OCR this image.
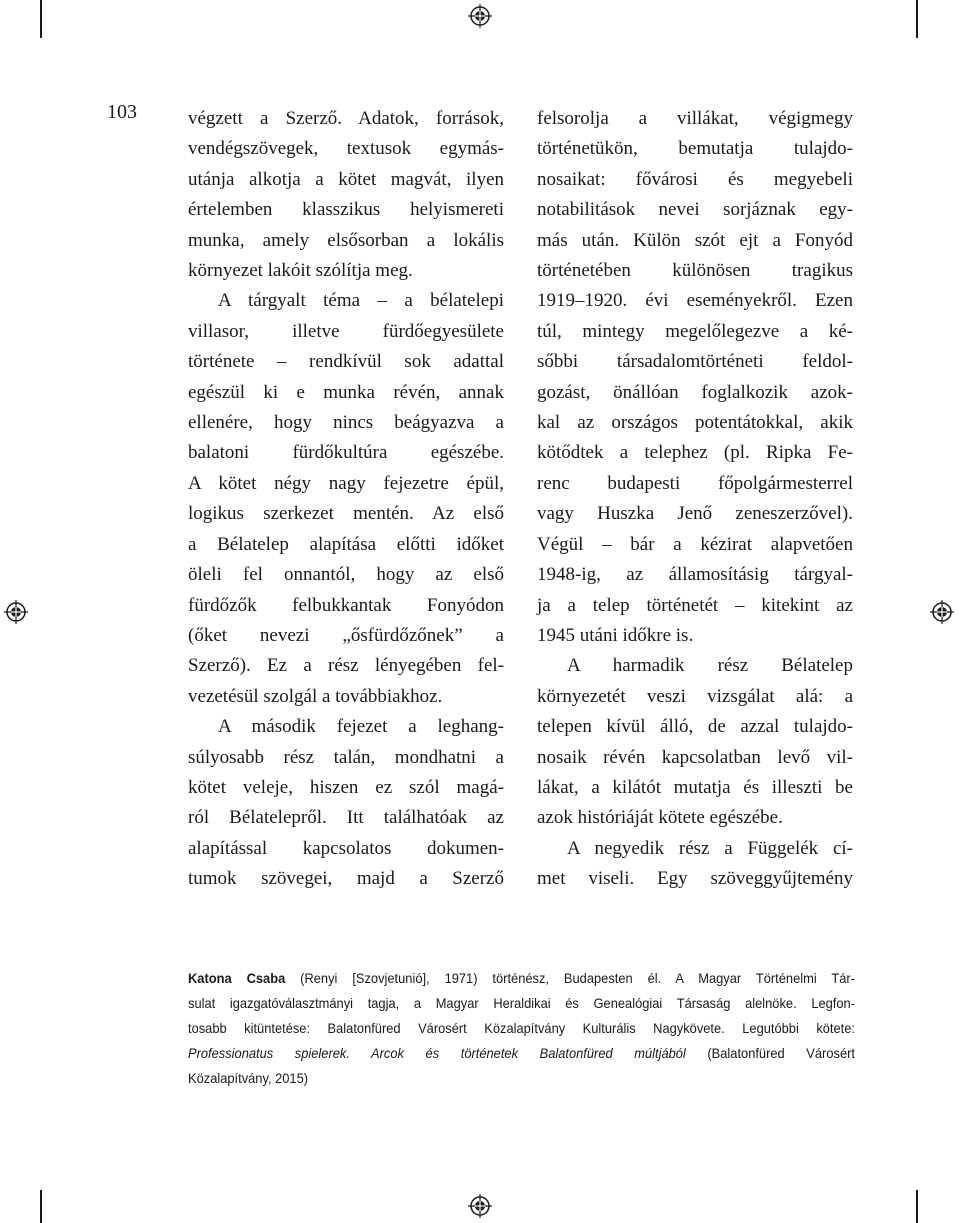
103	végzett a Szerző. Adatok, források,
vendégszövegek, textusok egymás-
utánja alkotja a kötet magvát, ilyen
értelemben klasszikus helyismereti
munka, amely elsősorban a lokális
környezet lakóit szólítja meg.
A tárgyalt téma – a bélatelepi
villasor, illetve fürdőegyesülete
története – rendkívül sok adattal
egészül ki e munka révén, annak
ellenére, hogy nincs beágyazva a
balatoni fürdőkultúra egészébe.
A kötet négy nagy fejezetre épül,
logikus szerkezet mentén. Az első
a Bélatelep alapítása előtti időket
öleli fel onnantól, hogy az első
fürdőzők felbukkantak Fonyódon
(őket nevezi „ősfürdőzőnek” a
Szerző). Ez a rész lényegében fel-
vezetésül szolgál a továbbiakhoz.
A második fejezet a leghang-
súlyosabb rész talán, mondhatni a
kötet veleje, hiszen ez szól magá-
ról Bélatelepről. Itt találhatóak az
alapítással kapcsolatos dokumen-
tumok szövegei, majd a Szerző
felsorolja a villákat, végigmegy
történetükön, bemutatja tulajdo-
nosaikat: fővárosi és megyebeli
notabilitások nevei sorjáznak egy-
más után. Külön szót ejt a Fonyód
történetében különösen tragikus
1919–1920. évi eseményekről. Ezen
túl, mintegy megelőlegezve a ké-
sőbbi társadalomtörténeti feldol-
gozást, önállóan foglalkozik azok-
kal az országos potentátokkal, akik
kötődtek a telephez (pl. Ripka Fe-
renc budapesti főpolgármesterrel
vagy Huszka Jenő zeneszerzővel).
Végül – bár a kézirat alapvetően
1948-ig, az államosításig tárgyal-
ja a telep történetét – kitekint az
1945 utáni időkre is.
A harmadik rész Bélatelep
környezetét veszi vizsgálat alá: a
telepen kívül álló, de azzal tulajdo-
nosaik révén kapcsolatban levő vil-
lákat, a kilátót mutatja és illeszti be
azok históriáját kötete egészébe.
A negyedik rész a Függelék cí-
met viseli. Egy szöveggyűjtemény
Katona Csaba (Renyi [Szovjetunió], 1971) történész, Budapesten él. A Magyar Történelmi Tár-
sulat igazgatóválasztmányi tagja, a Magyar Heraldikai és Genealógiai Társaság alelnöke. Legfon-
tosabb kitüntetése: Balatonfüred Városért Közalapítvány Kulturális Nagykövete. Legutóbbi kötete:
Professionatus spielerek. Arcok és történetek Balatonfüred múltjából (Balatonfüred Városért
Közalapítvány, 2015)
